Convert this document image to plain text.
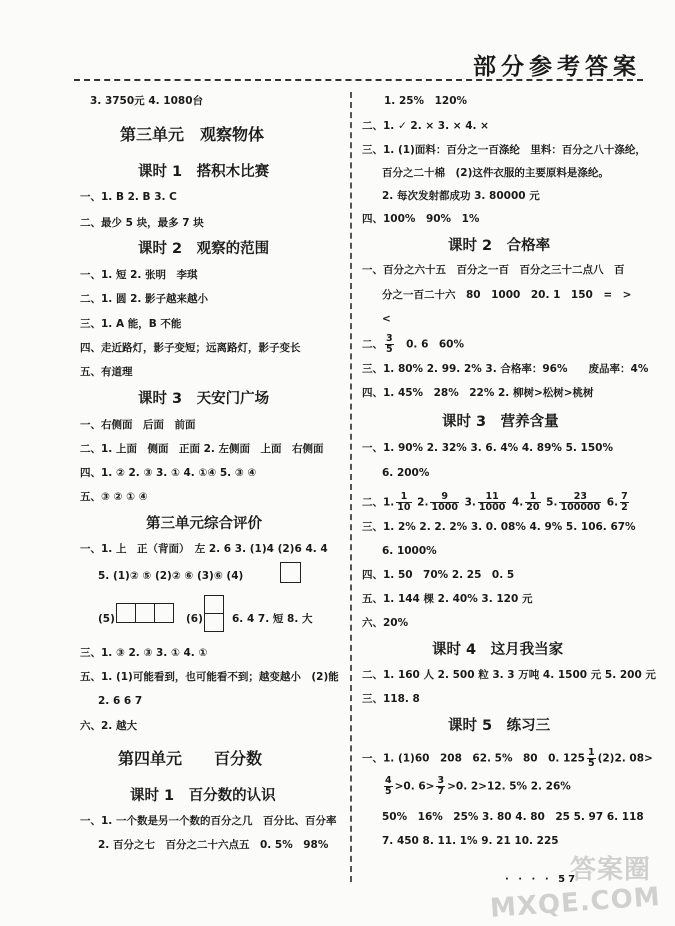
部分参考答案
3. 3750元 4. 1080台
第三单元　观察物体
课时 1　搭积木比赛
一、1. B 2. B 3. C
二、最少 5 块，最多 7 块
课时 2　观察的范围
一、1. 短 2. 张明　李琪
二、1. 圆 2. 影子越来越小
三、1. A 能，B 不能
四、走近路灯，影子变短；远离路灯，影子变长
五、有道理
课时 3　天安门广场
一、右侧面　后面　前面
二、1. 上面　侧面　正面 2. 左侧面　上面　右侧面
四、1. ② 2. ③ 3. ① 4. ①④ 5. ③ ④
五、③ ② ① ④
第三单元综合评价
一、1. 上　正（背面）　左 2. 6 3. (1)4 (2)6 4. 4
5. (1)② ⑤ (2)② ⑥ (3)⑥ (4)
(5)	(6)	6. 4 7. 短 8. 大
三、1. ③ 2. ③ 3. ① 4. ①
五、1. (1)可能看到，也可能看不到；越变越小　(2)能
2. 6 6 7
六、2. 越大
第四单元　　百分数
课时 1　百分数的认识
一、1. 一个数是另一个数的百分之几　百分比、百分率
2. 百分之七　百分之二十六点五　0. 5%　98%
1. 25%　120%
二、1. ✓ 2. × 3. × 4. ×
三、1. (1)面料：百分之一百涤纶　里料：百分之八十涤纶，
百分之二十棉　(2)这件衣服的主要原料是涤纶。
2. 每次发射都成功 3. 80000 元
四、100%　90%　1%
课时 2　合格率
一、百分之六十五　百分之一百　百分之三十二点八　百
分之一百二十六　80　1000　20. 1　150　=　>
<
二、 $\frac{3}{5}$ 　0. 6　60%
三、1. 80% 2. 99. 2% 3. 合格率：96%　　废品率：4%
四、1. 45%　28%　22% 2. 柳树>松树>桃树
课时 3　营养含量
一、1. 90% 2. 32% 3. 6. 4% 4. 89% 5. 150%
6. 200%
二、1. $\frac{1}{10} 2$. $\frac{9}{1000} 3$. $\frac{11}{1000} 4$. $\frac{1}{20} 5$. $\frac{23}{100000} 6$. $\frac{7}{2}$
三、1. 2% 2. 2. 2% 3. 0. 08% 4. 9% 5. 106. 67%
6. 1000%
四、1. 50　70% 2. 25　0. 5
五、1. 144 棵 2. 40% 3. 120 元
六、20%
课时 4　这月我当家
二、1. 160 人 2. 500 粒 3. 3 万吨 4. 1500 元 5. 200 元
三、118. 8
课时 5　练习三
一、1. (1)60　208　62. 5%　80　0. $125 \frac{1}{5} (2)2$. 08>
$\frac{4}{5} >0$. $6> \frac{3}{7} >0$. 2>12. 5% 2. 26%
50%　16%　25% 3. 80 4. 80　25 5. 97 6. 118
7. 450 8. 11. 1% 9. 21 10. 225
· · · · 57
答案圈
MXQE.COM
